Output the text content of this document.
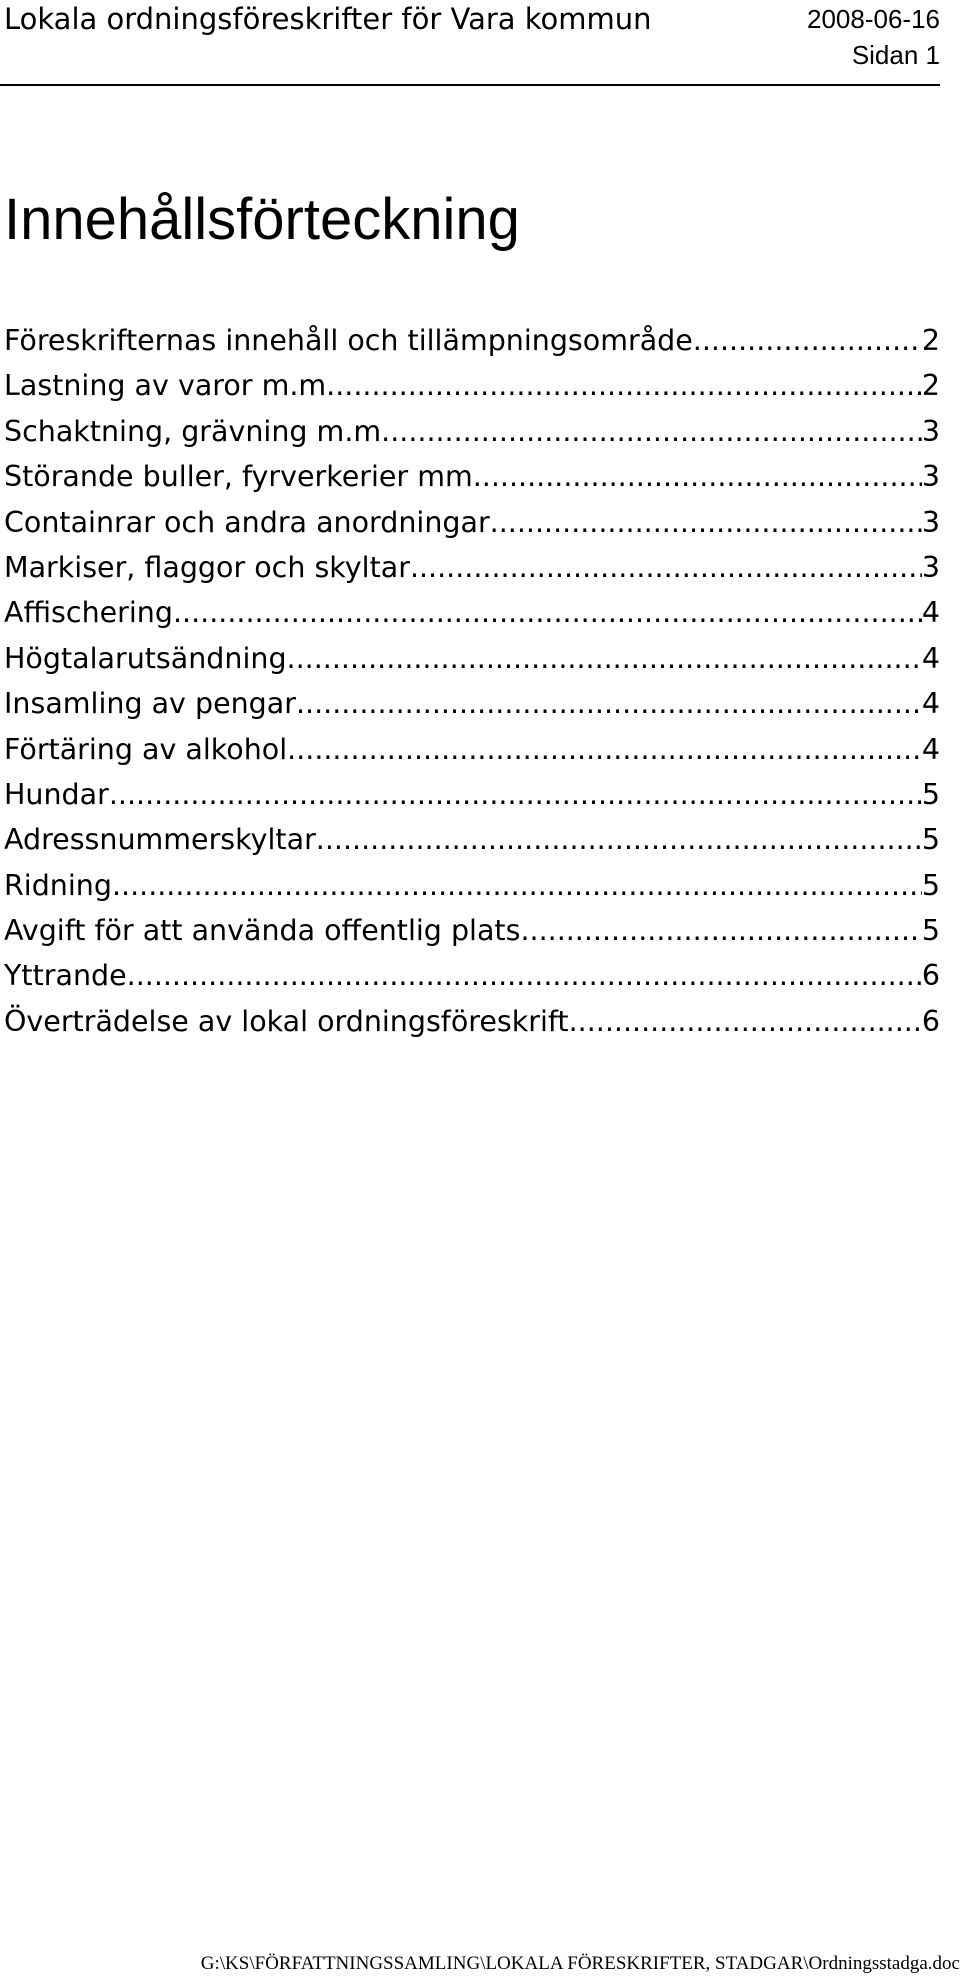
Lokala ordningsföreskrifter för Vara kommun	2008-06-16
Sidan 1
Innehållsförteckning
Föreskrifternas innehåll och tillämpningsområde .....	2
Lastning av varor m.m. .....	2
Schaktning, grävning m.m. .....	3
Störande buller, fyrverkerier mm .....	3
Containrar och andra anordningar .....	3
Markiser, flaggor och skyltar .....	3
Affischering .....	4
Högtalarutsändning .....	4
Insamling av pengar .....	4
Förtäring av alkohol .....	4
Hundar .....	5
Adressnummerskyltar .....	5
Ridning .....	5
Avgift för att använda offentlig plats .....	5
Yttrande .....	6
Överträdelse av lokal ordningsföreskrift .....	6
G:\KS\FÖRFATTNINGSSAMLING\LOKALA FÖRESKRIFTER, STADGAR\Ordningsstadga.doc
